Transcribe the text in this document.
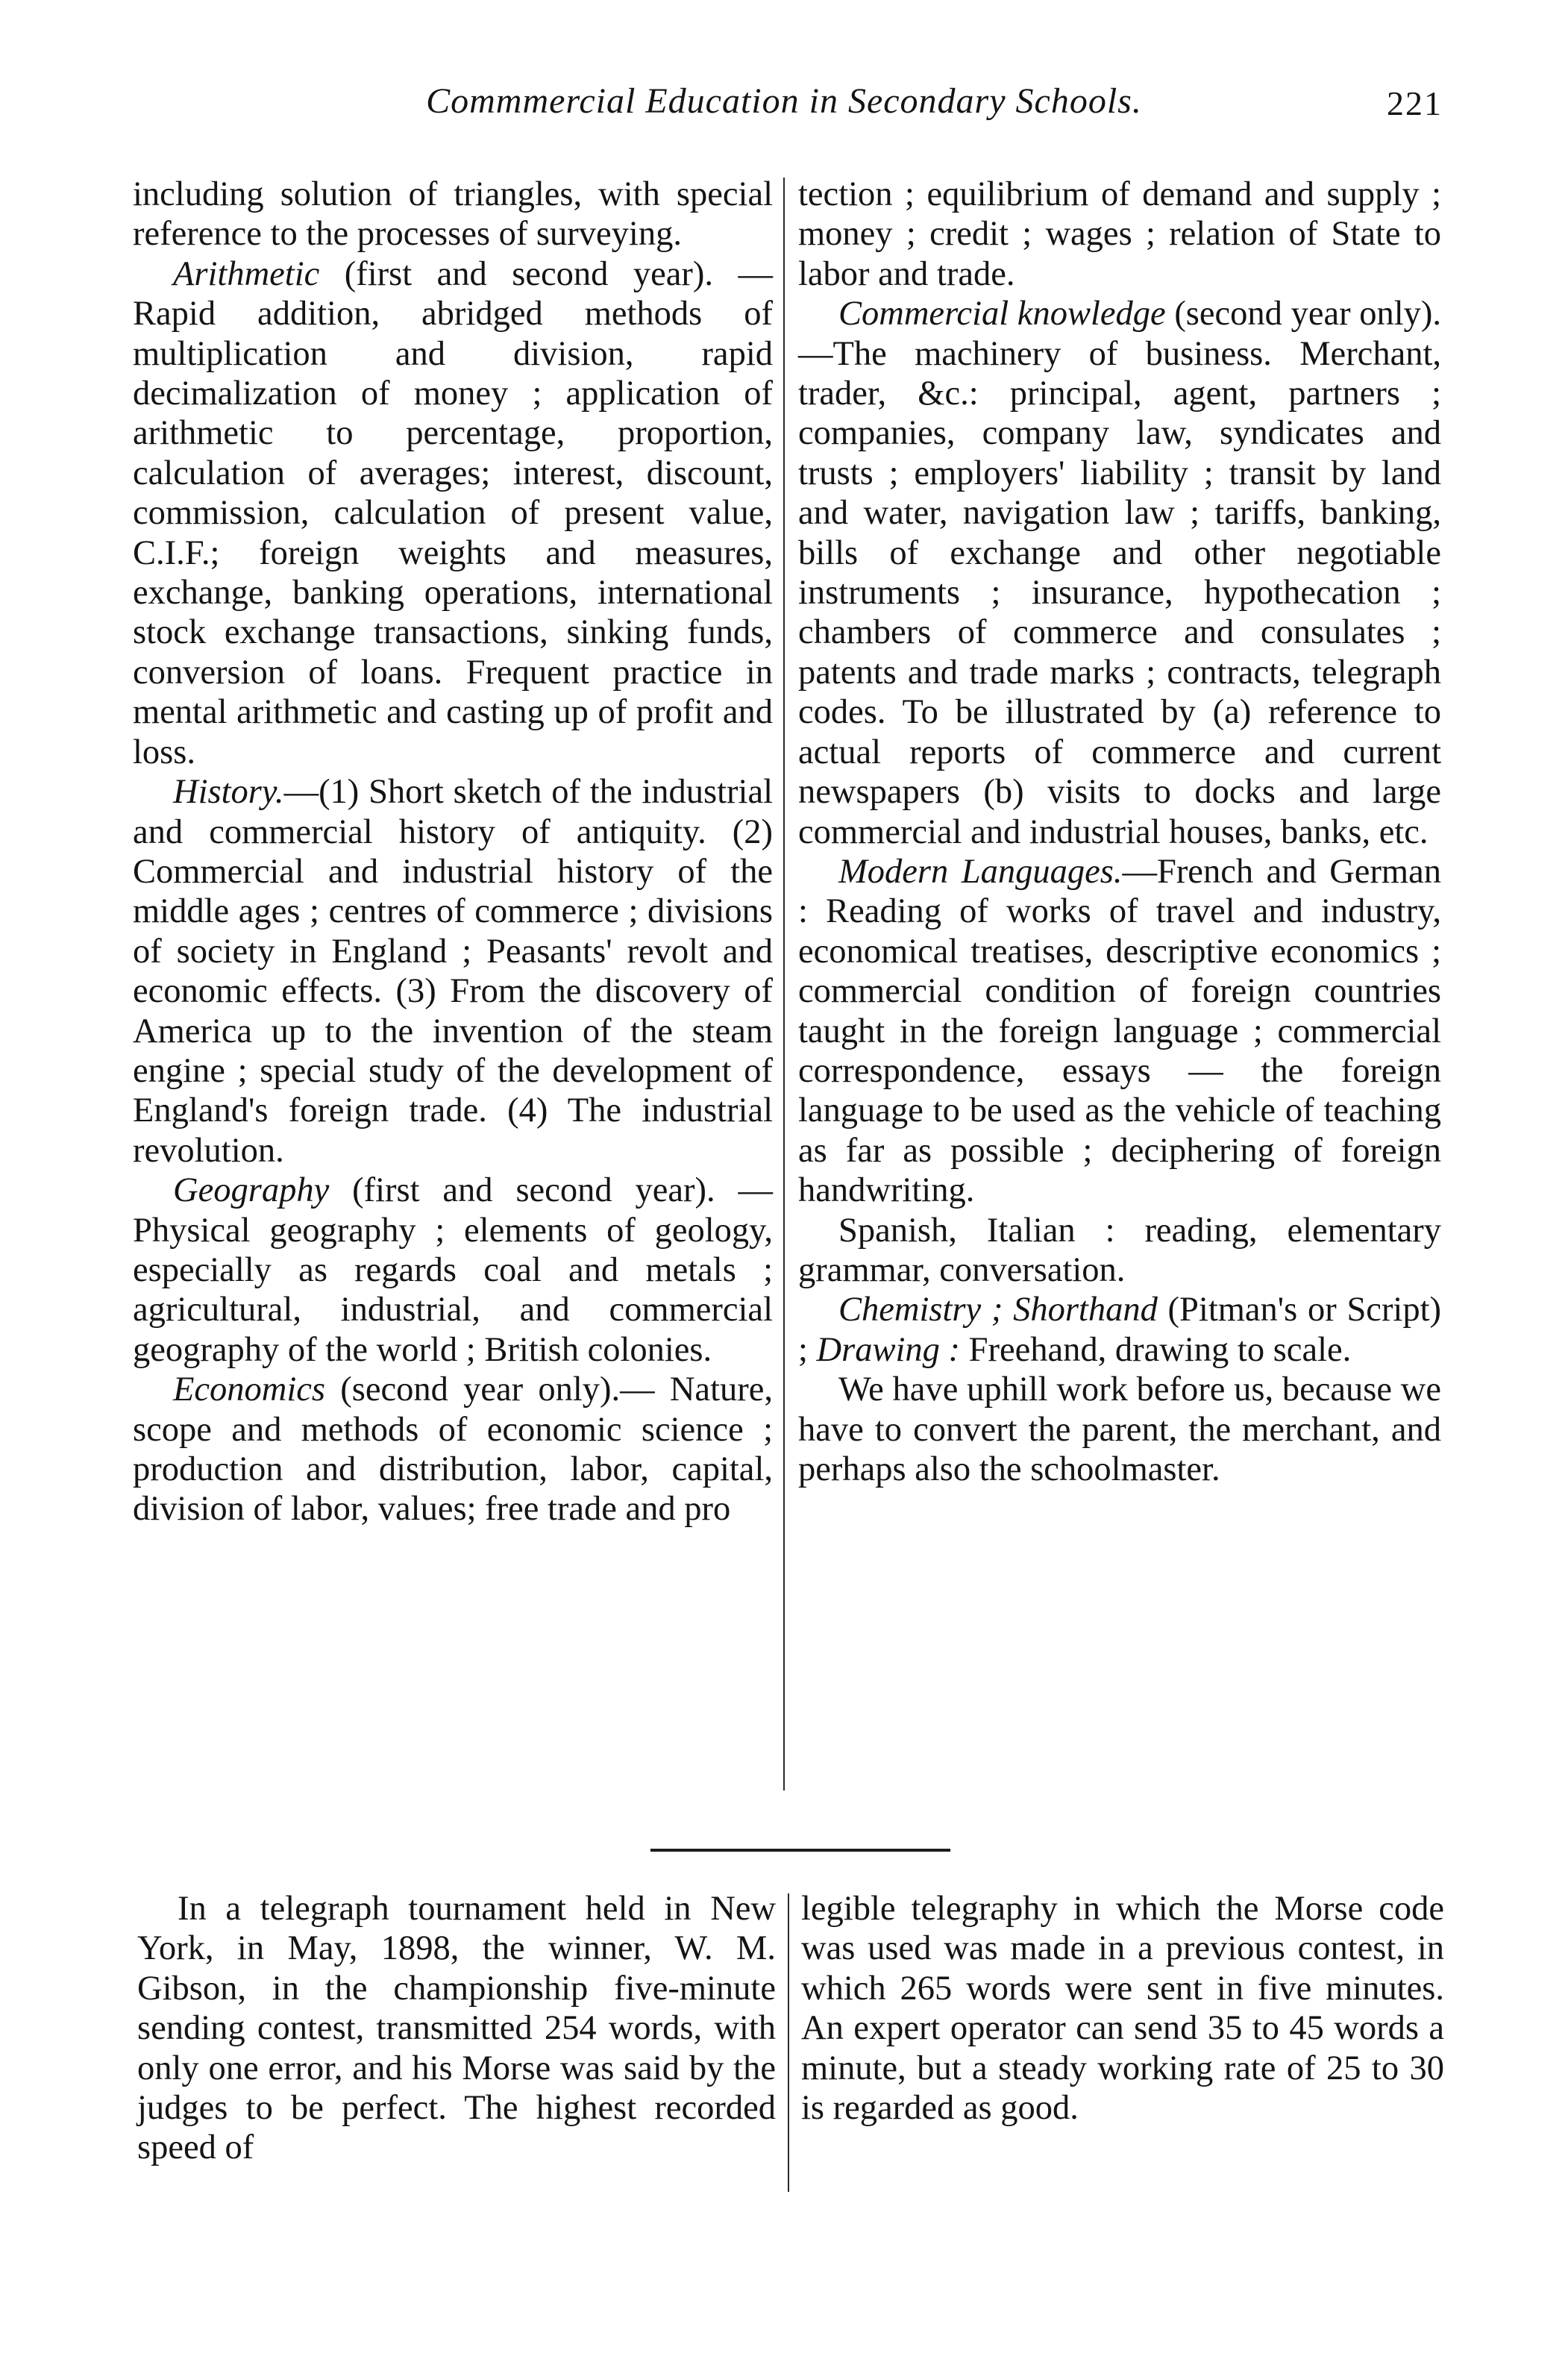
Commmercial Education in Secondary Schools.	221

including solution of triangles, with special reference to the processes of surveying.

Arithmetic (first and second year). —Rapid addition, abridged methods of multiplication and division, rapid decimalization of money ; application of arithmetic to percentage, proportion, calculation of averages; interest, discount, commission, calculation of present value, C.I.F.; foreign weights and measures, exchange, banking operations, international stock exchange transactions, sinking funds, conversion of loans. Frequent practice in mental arithmetic and casting up of profit and loss.

History.—(1) Short sketch of the industrial and commercial history of antiquity. (2) Commercial and industrial history of the middle ages ; centres of commerce ; divisions of society in England ; Peasants' revolt and economic effects. (3) From the discovery of America up to the invention of the steam engine ; special study of the development of England's foreign trade. (4) The industrial revolution.

Geography (first and second year). —Physical geography ; elements of geology, especially as regards coal and metals ; agricultural, industrial, and commercial geography of the world ; British colonies.

Economics (second year only).— Nature, scope and methods of economic science ; production and distribution, labor, capital, division of labor, values; free trade and pro

tection ; equilibrium of demand and supply ; money ; credit ; wages ; relation of State to labor and trade.

Commercial knowledge (second year only).—The machinery of business. Merchant, trader, &c.: principal, agent, partners ; companies, company law, syndicates and trusts ; employers' liability ; transit by land and water, navigation law ; tariffs, banking, bills of exchange and other negotiable instruments ; insurance, hypothecation ; chambers of commerce and consulates ; patents and trade marks ; contracts, telegraph codes. To be illustrated by (a) reference to actual reports of commerce and current newspapers (b) visits to docks and large commercial and industrial houses, banks, etc.

Modern Languages.—French and German : Reading of works of travel and industry, economical treatises, descriptive economics ; commercial condition of foreign countries taught in the foreign language ; commercial correspondence, essays — the foreign language to be used as the vehicle of teaching as far as possible ; deciphering of foreign handwriting.

Spanish, Italian : reading, elementary grammar, conversation.

Chemistry ; Shorthand (Pitman's or Script) ; Drawing : Freehand, drawing to scale.

We have uphill work before us, because we have to convert the parent, the merchant, and perhaps also the schoolmaster.

In a telegraph tournament held in New York, in May, 1898, the winner, W. M. Gibson, in the championship five-minute sending contest, transmitted 254 words, with only one error, and his Morse was said by the judges to be perfect. The highest recorded speed of

legible telegraphy in which the Morse code was used was made in a previous contest, in which 265 words were sent in five minutes. An expert operator can send 35 to 45 words a minute, but a steady working rate of 25 to 30 is regarded as good.
